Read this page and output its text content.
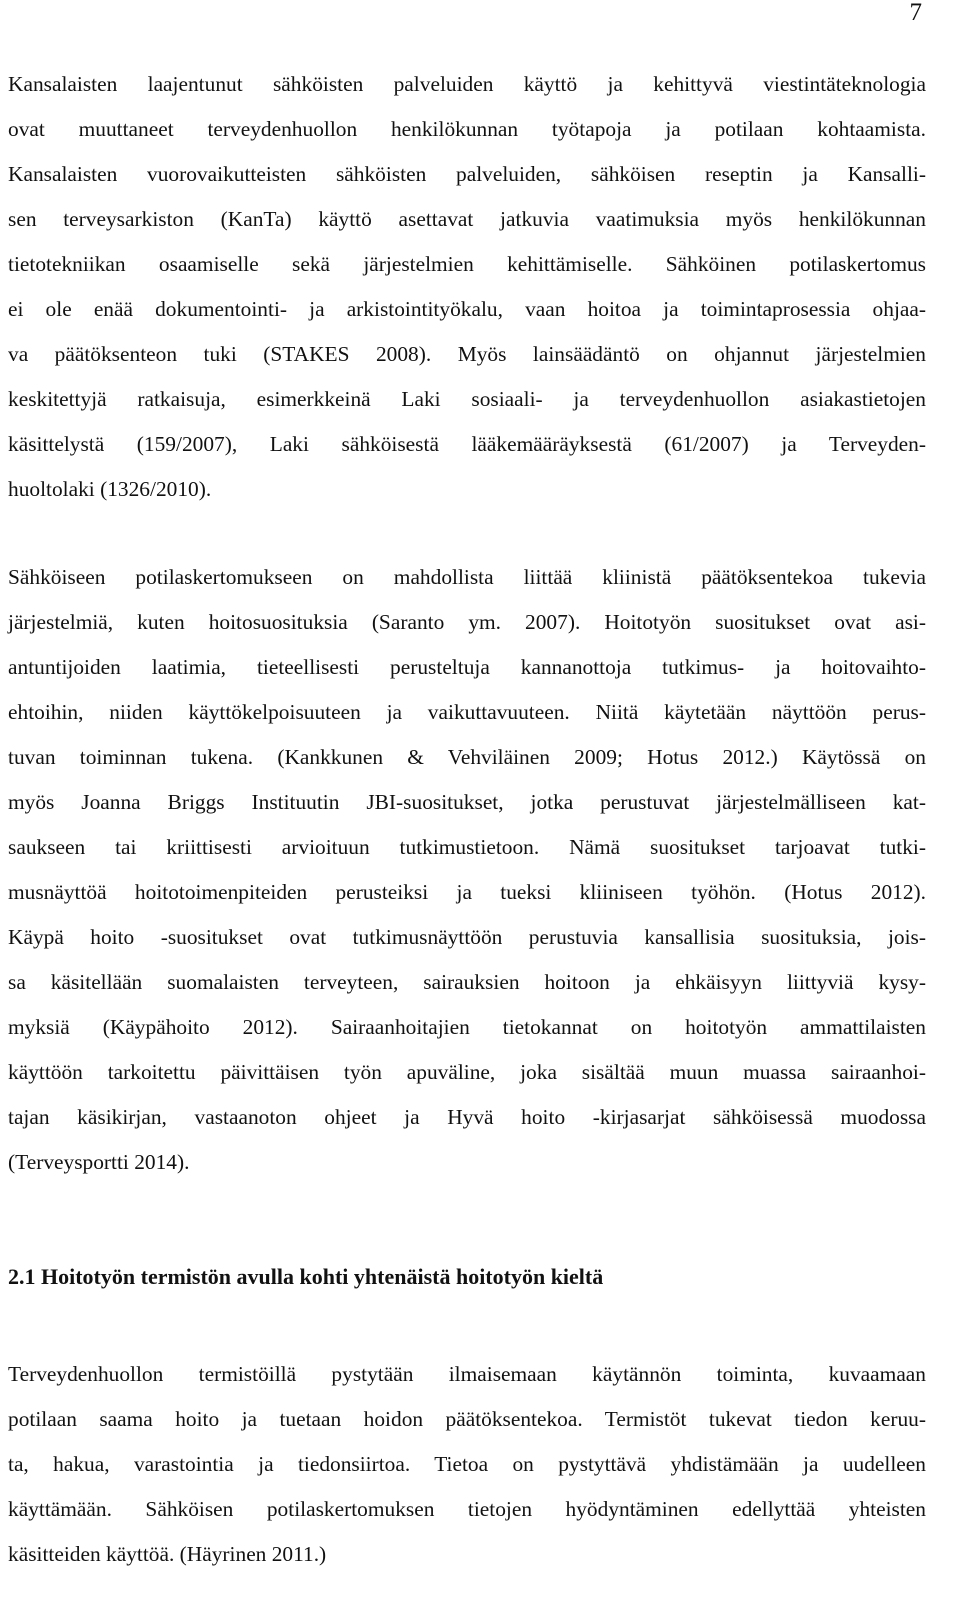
7

Kansalaisten laajentunut sähköisten palveluiden käyttö ja kehittyvä viestintäteknologia
ovat muuttaneet terveydenhuollon henkilökunnan työtapoja ja potilaan kohtaamista.
Kansalaisten vuorovaikutteisten sähköisten palveluiden, sähköisen reseptin ja Kansalli-
sen terveysarkiston (KanTa) käyttö asettavat jatkuvia vaatimuksia myös henkilökunnan
tietotekniikan osaamiselle sekä järjestelmien kehittämiselle. Sähköinen potilaskertomus
ei ole enää dokumentointi- ja arkistointityökalu, vaan hoitoa ja toimintaprosessia ohjaa-
va päätöksenteon tuki (STAKES 2008). Myös lainsäädäntö on ohjannut järjestelmien
keskitettyjä ratkaisuja, esimerkkeinä Laki sosiaali- ja terveydenhuollon asiakastietojen
käsittelystä (159/2007), Laki sähköisestä lääkemääräyksestä (61/2007) ja Terveyden-
huoltolaki (1326/2010).
Sähköiseen potilaskertomukseen on mahdollista liittää kliinistä päätöksentekoa tukevia
järjestelmiä, kuten hoitosuosituksia (Saranto ym. 2007). Hoitotyön suositukset ovat asi-
antuntijoiden laatimia, tieteellisesti perusteltuja kannanottoja tutkimus- ja hoitovaihto-
ehtoihin, niiden käyttökelpoisuuteen ja vaikuttavuuteen. Niitä käytetään näyttöön perus-
tuvan toiminnan tukena. (Kankkunen & Vehviläinen 2009; Hotus 2012.) Käytössä on
myös Joanna Briggs Instituutin JBI-suositukset, jotka perustuvat järjestelmälliseen kat-
saukseen tai kriittisesti arvioituun tutkimustietoon. Nämä suositukset tarjoavat tutki-
musnäyttöä hoitotoimenpiteiden perusteiksi ja tueksi kliiniseen työhön. (Hotus 2012).
Käypä hoito -suositukset ovat tutkimusnäyttöön perustuvia kansallisia suosituksia, jois-
sa käsitellään suomalaisten terveyteen, sairauksien hoitoon ja ehkäisyyn liittyviä kysy-
myksiä (Käypähoito 2012). Sairaanhoitajien tietokannat on hoitotyön ammattilaisten
käyttöön tarkoitettu päivittäisen työn apuväline, joka sisältää muun muassa sairaanhoi-
tajan käsikirjan, vastaanoton ohjeet ja Hyvä hoito -kirjasarjat sähköisessä muodossa
(Terveysportti 2014).
2.1 Hoitotyön termistön avulla kohti yhtenäistä hoitotyön kieltä
Terveydenhuollon termistöillä pystytään ilmaisemaan käytännön toiminta, kuvaamaan
potilaan saama hoito ja tuetaan hoidon päätöksentekoa. Termistöt tukevat tiedon keruu-
ta, hakua, varastointia ja tiedonsiirtoa. Tietoa on pystyttävä yhdistämään ja uudelleen
käyttämään. Sähköisen potilaskertomuksen tietojen hyödyntäminen edellyttää yhteisten
käsitteiden käyttöä. (Häyrinen 2011.)
